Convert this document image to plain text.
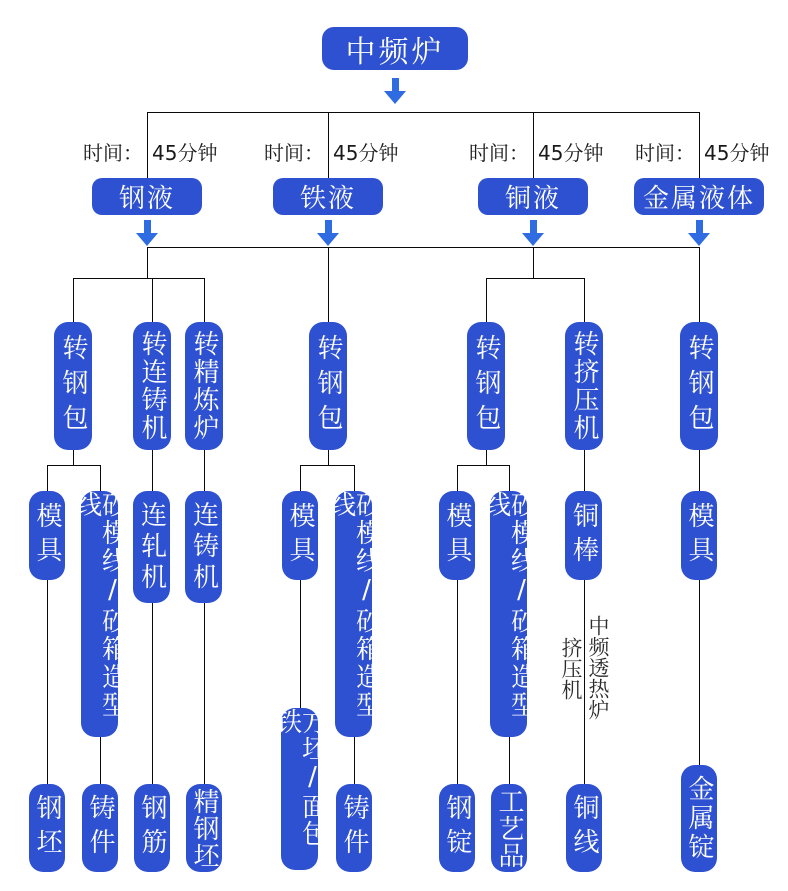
中频炉
时间： 45分钟 时间： 45分钟	时间： 45分钟 时间： 45分钟
钢液	铁液	铜液	金属液体
转钢包 转连铸机 转精炼炉	转钢包	转钢包	转挤压机	转钢包
模具	砂模线/砂箱造型线	连轧机 连铸机	模具	砂模线/砂箱造型线	模具	砂模线/砂箱造型线	铜棒	模具
挤压机 中频透热炉
钢坯 铸件 钢筋 精钢坯	方坯/面包铁
铸件	钢锭 工艺品 铜线	金属锭
